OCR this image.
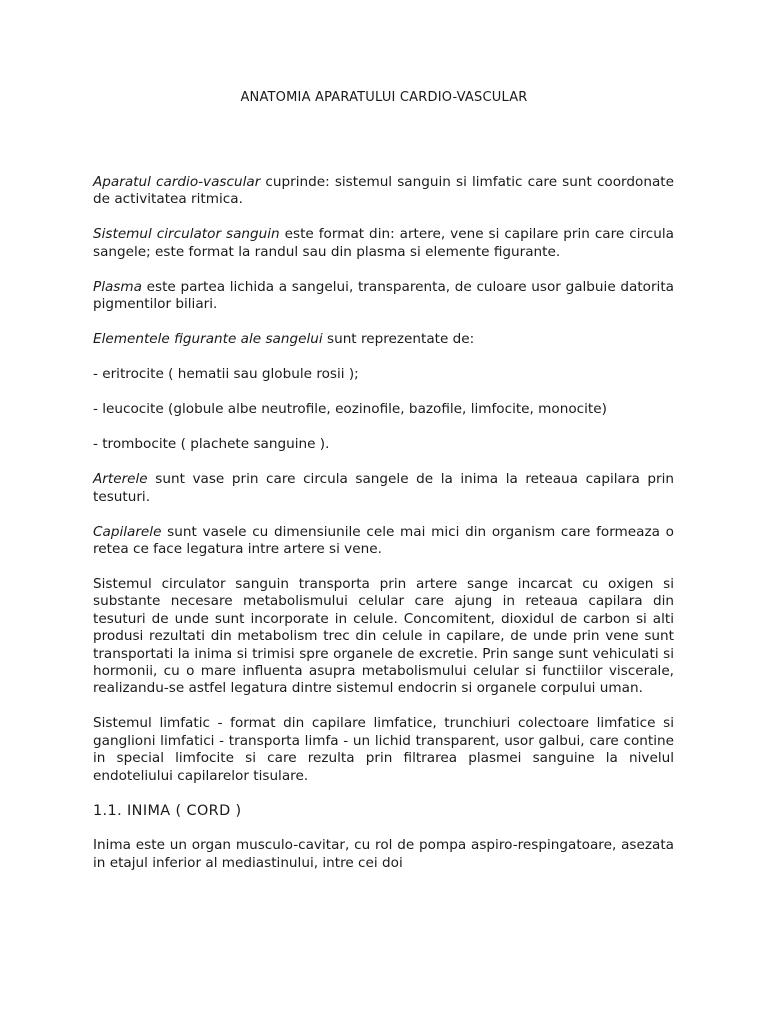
ANATOMIA APARATULUI CARDIO-VASCULAR

Aparatul cardio-vascular cuprinde: sistemul sanguin si limfatic care sunt coordonate de activitatea ritmica.

Sistemul circulator sanguin este format din: artere, vene si capilare prin care circula sangele; este format la randul sau din plasma si elemente figurante.

Plasma este partea lichida a sangelui, transparenta, de culoare usor galbuie datorita pigmentilor biliari.

Elementele figurante ale sangelui sunt reprezentate de:

- eritrocite ( hematii sau globule rosii );

- leucocite (globule albe neutrofile, eozinofile, bazofile, limfocite, monocite)

- trombocite ( plachete sanguine ).

Arterele sunt vase prin care circula sangele de la inima la reteaua capilara prin tesuturi.

Capilarele sunt vasele cu dimensiunile cele mai mici din organism care formeaza o retea ce face legatura intre artere si vene.

Sistemul circulator sanguin transporta prin artere sange incarcat cu oxigen si substante necesare metabolismului celular care ajung in reteaua capilara din tesuturi de unde sunt incorporate in celule. Concomitent, dioxidul de carbon si alti produsi rezultati din metabolism trec din celule in capilare, de unde prin vene sunt transportati la inima si trimisi spre organele de excretie. Prin sange sunt vehiculati si hormonii, cu o mare influenta asupra metabolismului celular si functiilor viscerale, realizandu-se astfel legatura dintre sistemul endocrin si organele corpului uman.

Sistemul limfatic - format din capilare limfatice, trunchiuri colectoare limfatice si ganglioni limfatici - transporta limfa - un lichid transparent, usor galbui, care contine in special limfocite si care rezulta prin filtrarea plasmei sanguine la nivelul endoteliului capilarelor tisulare.

1.1. INIMA ( CORD )

Inima este un organ musculo-cavitar, cu rol de pompa aspiro-respingatoare, asezata in etajul inferior al mediastinului, intre cei doi
